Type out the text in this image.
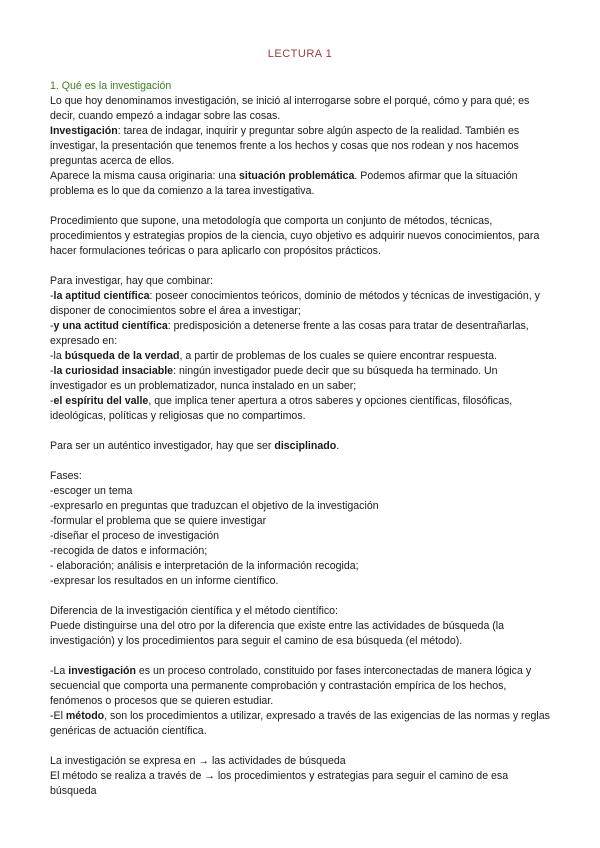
LECTURA 1

1. Qué es la investigación

Lo que hoy denominamos investigación, se inició al interrogarse sobre el porqué, cómo y para qué; es decir, cuando empezó a indagar sobre las cosas.

Investigación: tarea de indagar, inquirir y preguntar sobre algún aspecto de la realidad. También es investigar, la presentación que tenemos frente a los hechos y cosas que nos rodean y nos hacemos preguntas acerca de ellos.

Aparece la misma causa originaria: una situación problemática. Podemos afirmar que la situación problema es lo que da comienzo a la tarea investigativa.

Procedimiento que supone, una metodología que comporta un conjunto de métodos, técnicas, procedimientos y estrategias propios de la ciencia, cuyo objetivo es adquirir nuevos conocimientos, para hacer formulaciones teóricas o para aplicarlo con propósitos prácticos.

Para investigar, hay que combinar:

-la aptitud científica: poseer conocimientos teóricos, dominio de métodos y técnicas de investigación, y disponer de conocimientos sobre el área a investigar;

-y una actitud científica: predisposición a detenerse frente a las cosas para tratar de desentrañarlas, expresado en:

-la búsqueda de la verdad, a partir de problemas de los cuales se quiere encontrar respuesta.

-la curiosidad insaciable: ningún investigador puede decir que su búsqueda ha terminado. Un investigador es un problematizador, nunca instalado en un saber;

-el espíritu del valle, que implica tener apertura a otros saberes y opciones científicas, filosóficas, ideológicas, políticas y religiosas que no compartimos.

Para ser un auténtico investigador, hay que ser disciplinado.

Fases:

-escoger un tema

-expresarlo en preguntas que traduzcan el objetivo de la investigación

-formular el problema que se quiere investigar

-diseñar el proceso de investigación

-recogida de datos e información;

- elaboración; análisis e interpretación de la información recogida;

-expresar los resultados en un informe científico.

Diferencia de la investigación científica y el método científico:

Puede distinguirse una del otro por la diferencia que existe entre las actividades de búsqueda (la investigación) y los procedimientos para seguir el camino de esa búsqueda (el método).

-La investigación es un proceso controlado, constituido por fases interconectadas de manera lógica y secuencial que comporta una permanente comprobación y contrastación empírica de los hechos, fenómenos o procesos que se quieren estudiar.

-El método, son los procedimientos a utilizar, expresado a través de las exigencias de las normas y reglas genéricas de actuación científica.

La investigación se expresa en → las actividades de búsqueda

El método se realiza a través de → los procedimientos y estrategias para seguir el camino de esa búsqueda
